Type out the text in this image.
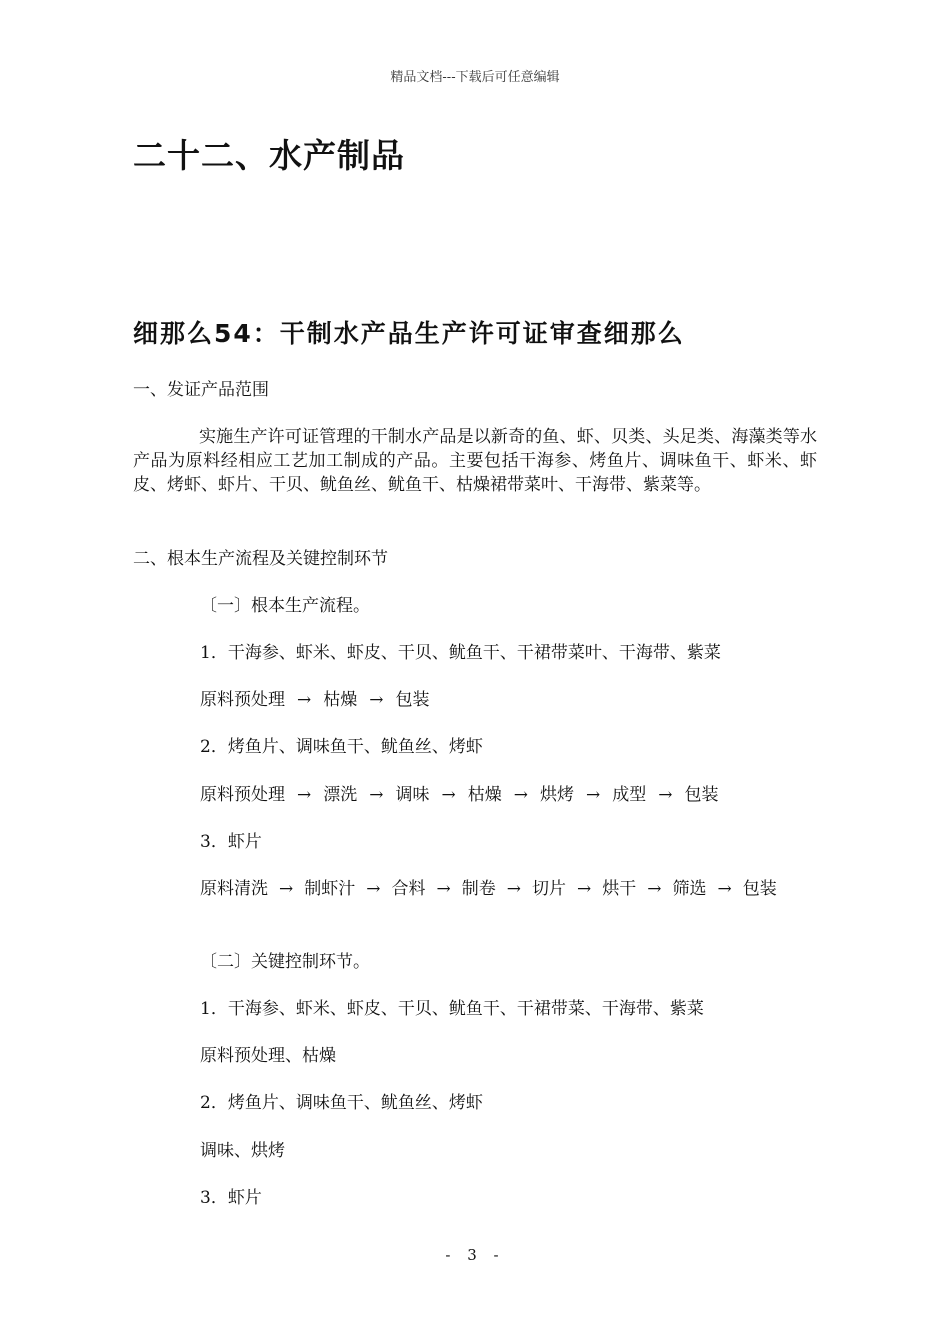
精品文档---下载后可任意编辑
二十二、水产制品
细那么54：干制水产品生产许可证审查细那么
一、发证产品范围
实施生产许可证管理的干制水产品是以新奇的鱼、虾、贝类、头足类、海藻类等水产品为原料经相应工艺加工制成的产品。主要包括干海参、烤鱼片、调味鱼干、虾米、虾皮、烤虾、虾片、干贝、鱿鱼丝、鱿鱼干、枯燥裙带菜叶、干海带、紫菜等。
二、根本生产流程及关键控制环节
〔一〕根本生产流程。
1．干海参、虾米、虾皮、干贝、鱿鱼干、干裙带菜叶、干海带、紫菜
原料预处理 → 枯燥 → 包装
2．烤鱼片、调味鱼干、鱿鱼丝、烤虾
原料预处理 → 漂洗 → 调味 → 枯燥 → 烘烤 → 成型 → 包装
3．虾片
原料清洗 → 制虾汁 → 合料 → 制卷 → 切片 → 烘干 → 筛选 → 包装
〔二〕关键控制环节。
1．干海参、虾米、虾皮、干贝、鱿鱼干、干裙带菜、干海带、紫菜
原料预处理、枯燥
2．烤鱼片、调味鱼干、鱿鱼丝、烤虾
调味、烘烤
3．虾片
- 3 -
